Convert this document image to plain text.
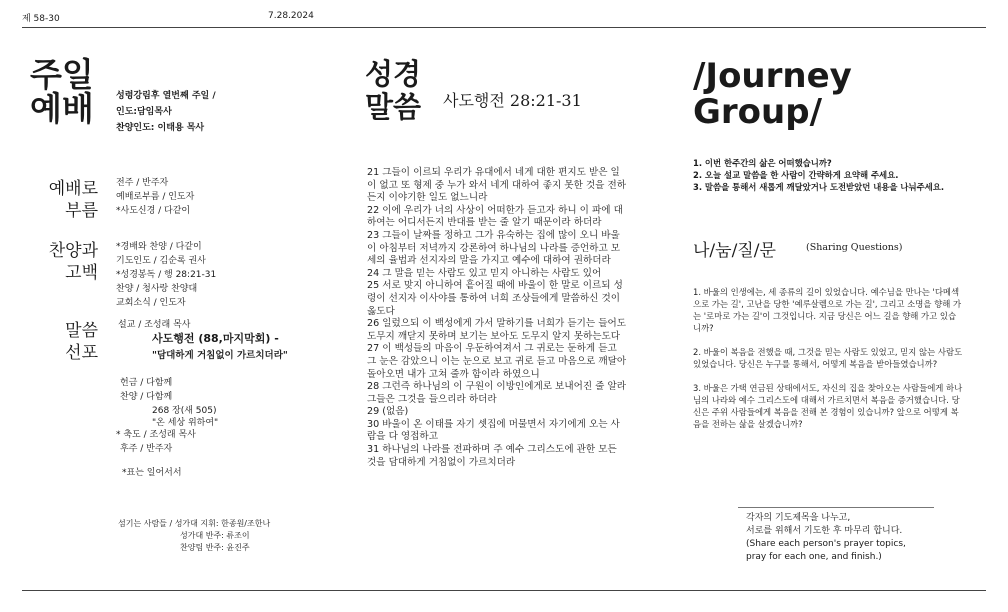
제 58-30	7.28.2024
주일
예배 성령강림후 열번째 주일 /
인도:담임목사
찬양인도: 이태용 목사
예배로
부름
찬양과
고백
말씀
선포
전주 / 반주자
예배로부름 / 인도자
*사도신경 / 다같이
*경배와 찬양 / 다같이
기도인도 / 김순록 권사
*성경봉독 / 행 28:21-31
찬양 / 청사랑 찬양대
교회소식 / 인도자
설교 / 조성래 목사
사도행전 (88,마지막회) -
"담대하게 거침없이 가르치더라"
헌금 / 다함께
찬양 / 다함께
268 장(새 505)
"온 세상 위하여"
* 축도 / 조성래 목사
후주 / 반주자
*표는 일어서서
섬기는 사람들 / 성가대 지휘: 한종원/조한나
성가대 반주: 류조이
찬양팀 반주: 윤진주
성경
말씀 사도행전 28:21-31

21 그들이 이르되 우리가 유대에서 네게 대한 편지도 받은 일이 없고 또 형제 중 누가 와서 네게 대하여 좋지 못한 것을 전하든지 이야기한 일도 없느니라

22 이에 우리가 너의 사상이 어떠한가 듣고자 하니 이 파에 대하여는 어디서든지 반대를 받는 줄 알기 때문이라 하더라

23 그들이 날짜를 정하고 그가 유숙하는 집에 많이 오니 바울이 아침부터 저녁까지 강론하여 하나님의 나라를 증언하고 모세의 율법과 선지자의 말을 가지고 예수에 대하여 권하더라

24 그 말을 믿는 사람도 있고 믿지 아니하는 사람도 있어

25 서로 맞지 아니하여 흩어질 때에 바울이 한 말로 이르되 성령이 선지자 이사야를 통하여 너희 조상들에게 말씀하신 것이 옳도다

26 일렀으되 이 백성에게 가서 말하기를 너희가 듣기는 들어도 도무지 깨닫지 못하며 보기는 보아도 도무지 알지 못하는도다

27 이 백성들의 마음이 우둔하여져서 그 귀로는 둔하게 듣고 그 눈은 감았으니 이는 눈으로 보고 귀로 듣고 마음으로 깨달아 돌아오면 내가 고쳐 줄까 함이라 하였으니

28 그런즉 하나님의 이 구원이 이방인에게로 보내어진 줄 알라 그들은 그것을 들으리라 하더라

29 (없음)

30 바울이 온 이태를 자기 셋집에 머물면서 자기에게 오는 사람을 다 영접하고

31 하나님의 나라를 전파하며 주 예수 그리스도에 관한 모든 것을 담대하게 거침없이 가르치더라

/Journey
Group/

1. 이번 한주간의 삶은 어떠했습니까?

2. 오늘 설교 말씀을 한 사람이 간략하게 요약해 주세요.

3. 말씀을 통해서 새롭게 깨달았거나 도전받았던 내용을 나눠주세요.

나/눔/질/문	(Sharing Questions)

1. 바울의 인생에는, 세 종류의 길이 있었습니다. 예수님을 만나는 '다메섹으로 가는 길', 고난을 당한 '예루살렘으로 가는 길', 그리고 소명을 향해 가는 '로마로 가는 길'이 그것입니다. 지금 당신은 어느 길을 향해 가고 있습니까?

2. 바울이 복음을 전했을 때, 그것을 믿는 사람도 있었고, 믿지 않는 사람도 있었습니다. 당신은 누구를 통해서, 어떻게 복음을 받아들였습니까?

3. 바울은 가택 연금된 상태에서도, 자신의 집을 찾아오는 사람들에게 하나님의 나라와 예수 그리스도에 대해서 가르치면서 복음을 증거했습니다. 당신은 주위 사람들에게 복음을 전해 본 경험이 있습니까? 앞으로 어떻게 복음을 전하는 삶을 살겠습니까?

각자의 기도제목을 나누고,
서로를 위해서 기도한 후 마무리 합니다.
(Share each person's prayer topics,
pray for each one, and finish.)
